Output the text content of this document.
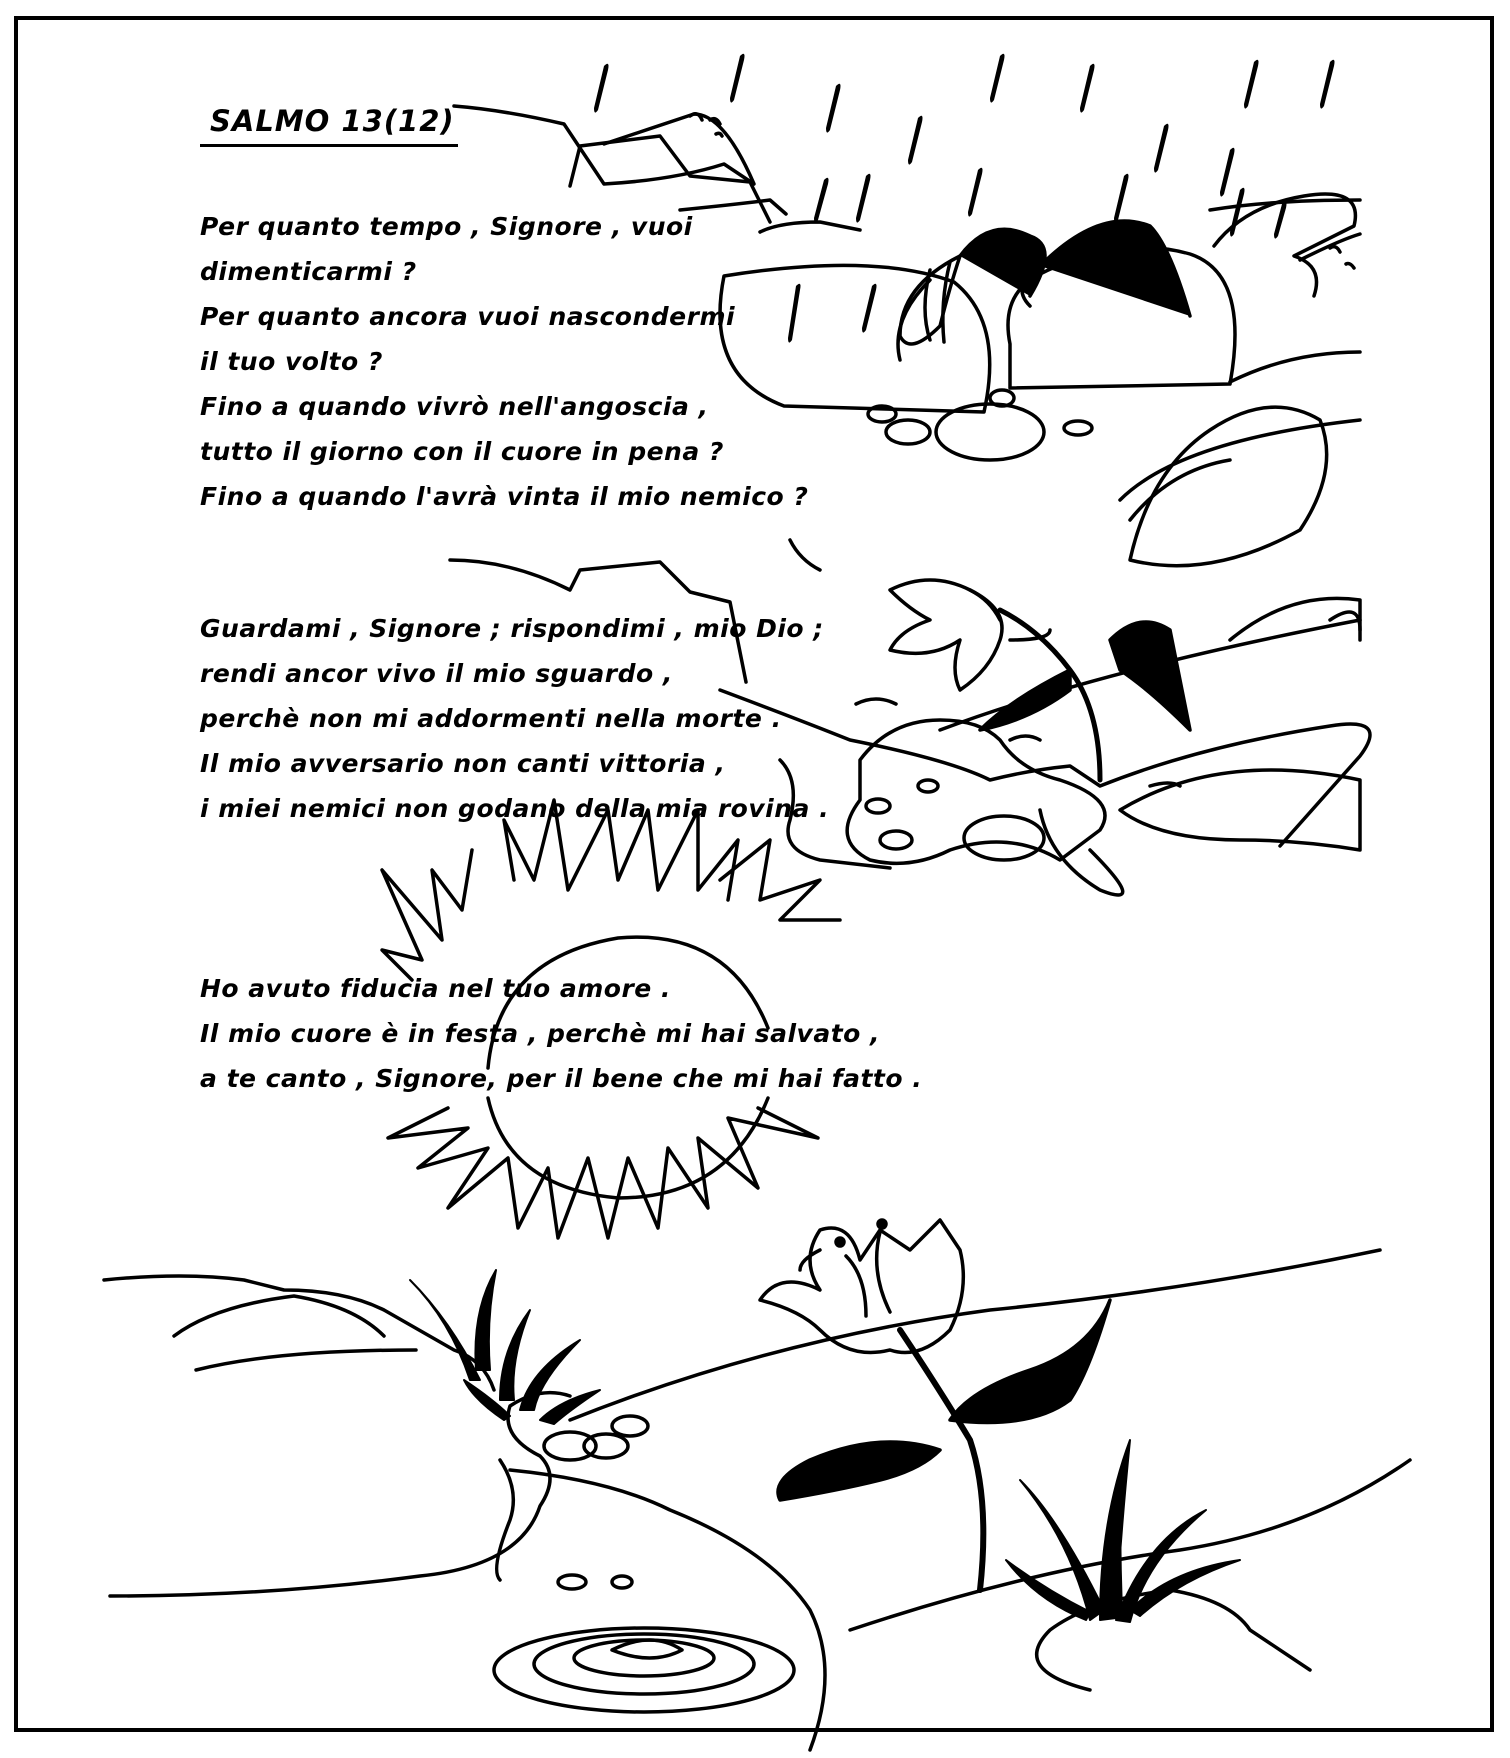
SALMO 13(12)
Per quanto tempo , Signore , vuoi
dimenticarmi ?
Per quanto ancora vuoi nascondermi
il tuo volto ?
Fino a quando vivrò nell'angoscia ,
tutto il giorno con il cuore in pena ?
Fino a quando l'avrà vinta il mio nemico ?
Guardami , Signore ; rispondimi , mio Dio ;
rendi ancor vivo il mio sguardo ,
perchè non mi addormenti nella morte .
Il mio avversario non canti vittoria ,
i miei nemici non godano della mia rovina .
Ho avuto fiducia nel tuo amore .
Il mio cuore è in festa , perchè mi hai salvato ,
a te canto , Signore, per il bene che mi hai fatto .
